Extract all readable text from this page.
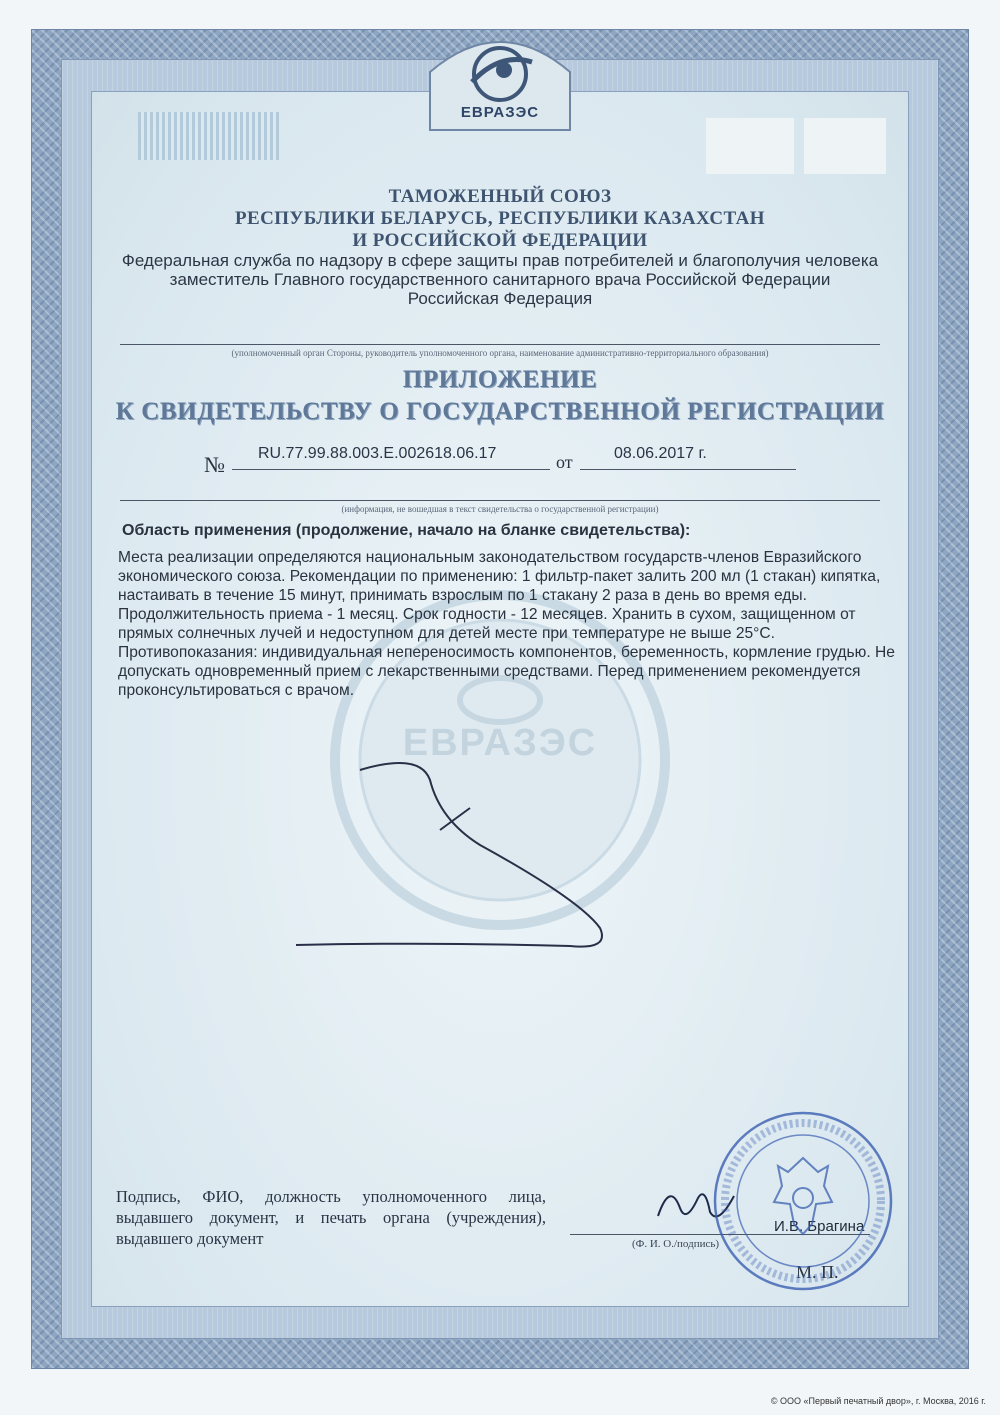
ЕВРАЗЭС
ЕВРАЗЭС
ТАМОЖЕННЫЙ СОЮЗ
РЕСПУБЛИКИ БЕЛАРУСЬ, РЕСПУБЛИКИ КАЗАХСТАН
И РОССИЙСКОЙ ФЕДЕРАЦИИ
Федеральная служба по надзору в сфере защиты прав потребителей и благополучия человека
заместитель Главного государственного санитарного врача Российской Федерации
Российская Федерация
(уполномоченный орган Стороны, руководитель уполномоченного органа, наименование административно-территориального образования)
ПРИЛОЖЕНИЕ
К СВИДЕТЕЛЬСТВУ О ГОСУДАРСТВЕННОЙ РЕГИСТРАЦИИ
№ RU.77.99.88.003.Е.002618.06.17	от	08.06.2017 г.
(информация, не вошедшая в текст свидетельства о государственной регистрации)
Область применения (продолжение, начало на бланке свидетельства):
Места реализации определяются национальным законодательством государств-членов Евразийского экономического союза. Рекомендации по применению: 1 фильтр-пакет залить 200 мл (1 стакан) кипятка, настаивать в течение 15 минут, принимать взрослым по 1 стакану 2 раза в день во время еды. Продолжительность приема - 1 месяц. Срок годности - 12 месяцев. Хранить в сухом, защищенном от прямых солнечных лучей и недоступном для детей месте при температуре не выше 25°С. Противопоказания: индивидуальная непереносимость компонентов, беременность, кормление грудью. Не допускать одновременный прием с лекарственными средствами. Перед применением рекомендуется проконсультироваться с врачом.
Подпись, ФИО, должность уполномоченного лица, выдавшего документ, и печать органа (учреждения), выдавшего документ
И.В. Брагина
(Ф. И. О./подпись)
М. П.
© ООО «Первый печатный двор», г. Москва, 2016 г.
